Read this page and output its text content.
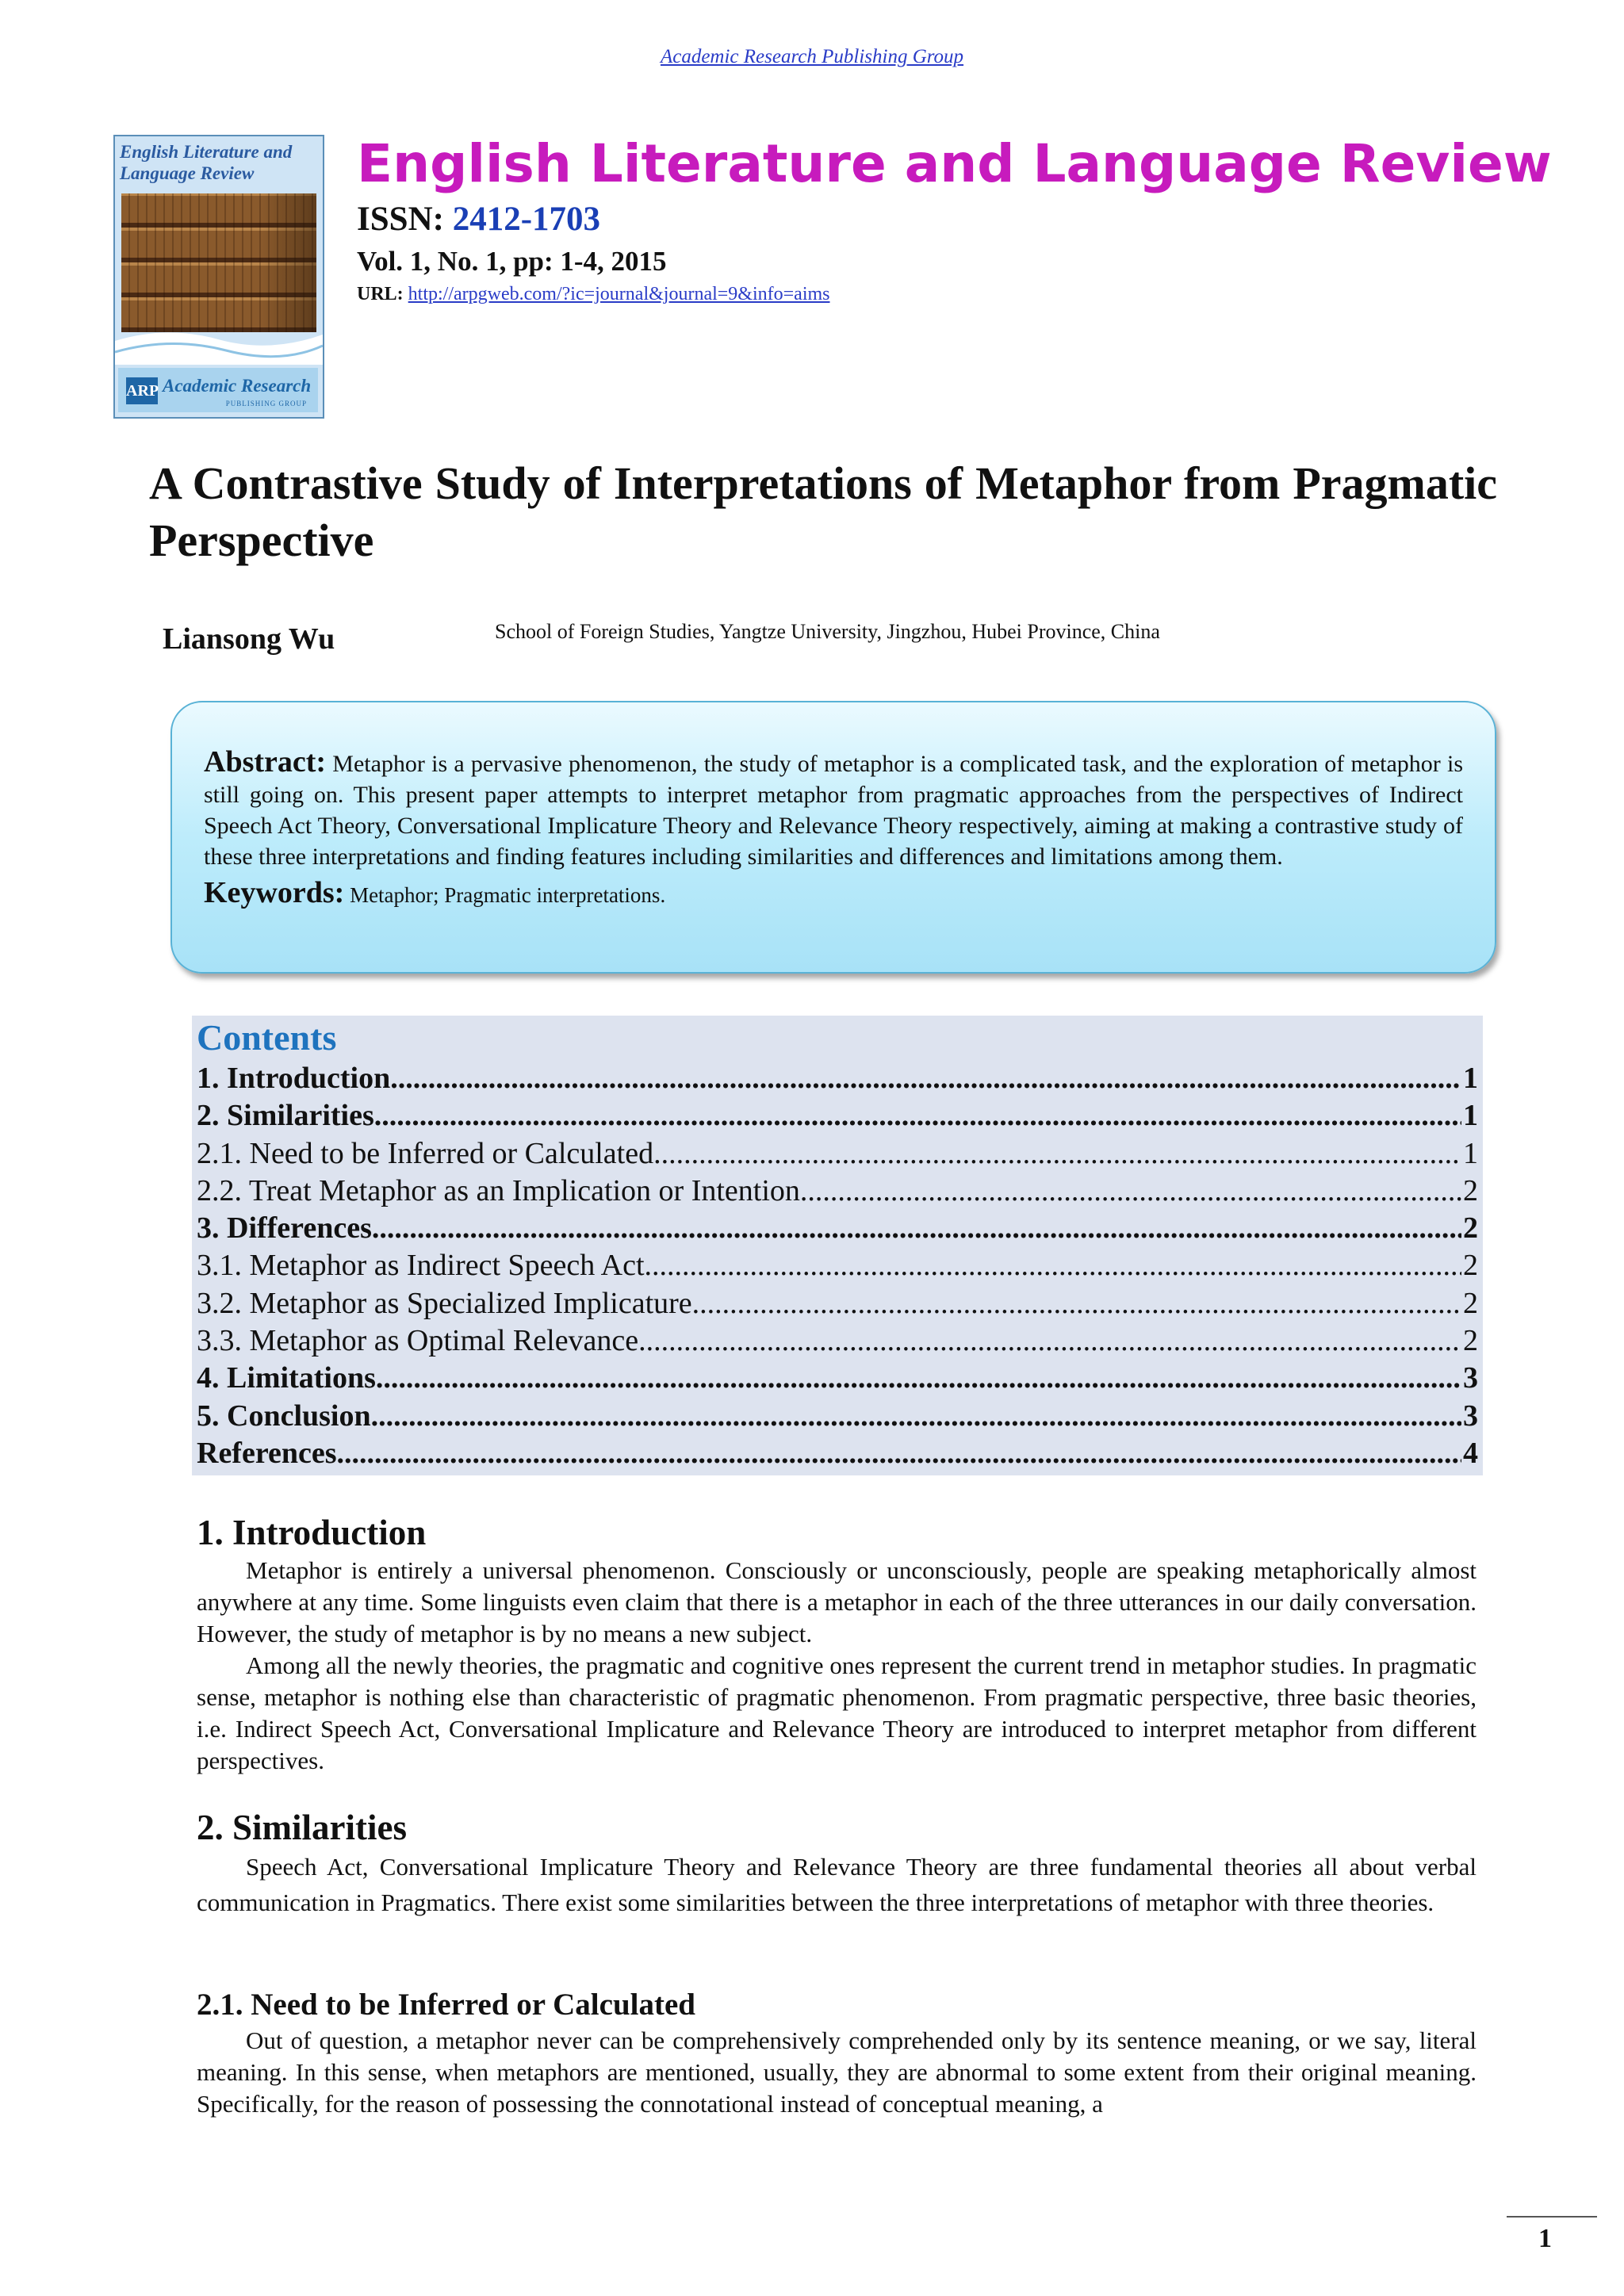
Academic Research Publishing Group
English Literature and Language Review
ARP Academic Research
PUBLISHING GROUP
English Literature and Language Review
ISSN: 2412-1703
Vol. 1, No. 1, pp: 1-4, 2015
URL: http://arpgweb.com/?ic=journal&journal=9&info=aims
A Contrastive Study of Interpretations of Metaphor from Pragmatic Perspective
Liansong Wu	School of Foreign Studies, Yangtze University, Jingzhou, Hubei Province, China
Abstract: Metaphor is a pervasive phenomenon, the study of metaphor is a complicated task, and the exploration of metaphor is still going on. This present paper attempts to interpret metaphor from pragmatic approaches from the perspectives of Indirect Speech Act Theory, Conversational Implicature Theory and Relevance Theory respectively, aiming at making a contrastive study of these three interpretations and finding features including similarities and differences and limitations among them.
Keywords: Metaphor; Pragmatic interpretations.
Contents
1. Introduction .....	1
2. Similarities .....	1
2.1. Need to be Inferred or Calculated .....	1
2.2. Treat Metaphor as an Implication or Intention .....	2
3. Differences .....	2
3.1. Metaphor as Indirect Speech Act .....	2
3.2. Metaphor as Specialized Implicature .....	2
3.3. Metaphor as Optimal Relevance .....	2
4. Limitations .....	3
5. Conclusion .....	3
References .....	4
1. Introduction

Metaphor is entirely a universal phenomenon. Consciously or unconsciously, people are speaking metaphorically almost anywhere at any time. Some linguists even claim that there is a metaphor in each of the three utterances in our daily conversation. However, the study of metaphor is by no means a new subject.

Among all the newly theories, the pragmatic and cognitive ones represent the current trend in metaphor studies. In pragmatic sense, metaphor is nothing else than characteristic of pragmatic phenomenon. From pragmatic perspective, three basic theories, i.e. Indirect Speech Act, Conversational Implicature and Relevance Theory are introduced to interpret metaphor from different perspectives.

2. Similarities

Speech Act, Conversational Implicature Theory and Relevance Theory are three fundamental theories all about verbal communication in Pragmatics. There exist some similarities between the three interpretations of metaphor with three theories.

2.1. Need to be Inferred or Calculated

Out of question, a metaphor never can be comprehensively comprehended only by its sentence meaning, or we say, literal meaning. In this sense, when metaphors are mentioned, usually, they are abnormal to some extent from their original meaning. Specifically, for the reason of possessing the connotational instead of conceptual meaning, a

1
